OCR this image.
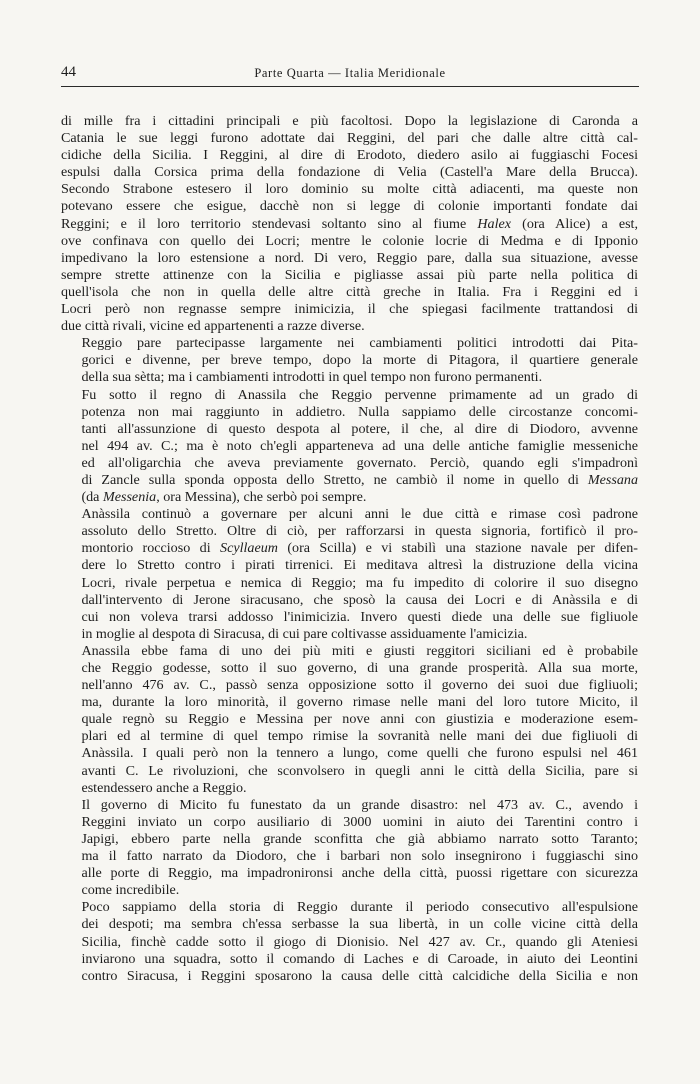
44	Parte Quarta — Italia Meridionale

di mille fra i cittadini principali e più facoltosi. Dopo la legislazione di Caronda a
Catania le sue leggi furono adottate dai Reggini, del pari che dalle altre città cal-
cidiche della Sicilia. I Reggini, al dire di Erodoto, diedero asilo ai fuggiaschi Focesi
espulsi dalla Corsica prima della fondazione di Velia (Castell'a Mare della Brucca).
Secondo Strabone estesero il loro dominio su molte città adiacenti, ma queste non
potevano essere che esigue, dacchè non si legge di colonie importanti fondate dai
Reggini; e il loro territorio stendevasi soltanto sino al fiume Halex (ora Alice) a est,
ove confinava con quello dei Locri; mentre le colonie locrie di Medma e di Ipponio
impedivano la loro estensione a nord. Di vero, Reggio pare, dalla sua situazione, avesse
sempre strette attinenze con la Sicilia e pigliasse assai più parte nella politica di
quell'isola che non in quella delle altre città greche in Italia. Fra i Reggini ed i
Locri però non regnasse sempre inimicizia, il che spiegasi facilmente trattandosi di
due città rivali, vicine ed appartenenti a razze diverse.

Reggio pare partecipasse largamente nei cambiamenti politici introdotti dai Pita-
gorici e divenne, per breve tempo, dopo la morte di Pitagora, il quartiere generale
della sua sètta; ma i cambiamenti introdotti in quel tempo non furono permanenti.

Fu sotto il regno di Anassila che Reggio pervenne primamente ad un grado di
potenza non mai raggiunto in addietro. Nulla sappiamo delle circostanze concomi-
tanti all'assunzione di questo despota al potere, il che, al dire di Diodoro, avvenne
nel 494 av. C.; ma è noto ch'egli apparteneva ad una delle antiche famiglie messeniche
ed all'oligarchia che aveva previamente governato. Perciò, quando egli s'impadronì
di Zancle sulla sponda opposta dello Stretto, ne cambiò il nome in quello di Messana
(da Messenia, ora Messina), che serbò poi sempre.

Anàssila continuò a governare per alcuni anni le due città e rimase così padrone
assoluto dello Stretto. Oltre di ciò, per rafforzarsi in questa signoria, fortificò il pro-
montorio roccioso di Scyllaeum (ora Scilla) e vi stabilì una stazione navale per difen-
dere lo Stretto contro i pirati tirrenici. Ei meditava altresì la distruzione della vicina
Locri, rivale perpetua e nemica di Reggio; ma fu impedito di colorire il suo disegno
dall'intervento di Jerone siracusano, che sposò la causa dei Locri e di Anàssila e di
cui non voleva trarsi addosso l'inimicizia. Invero questi diede una delle sue figliuole
in moglie al despota di Siracusa, di cui pare coltivasse assiduamente l'amicizia.

Anassila ebbe fama di uno dei più miti e giusti reggitori siciliani ed è probabile
che Reggio godesse, sotto il suo governo, di una grande prosperità. Alla sua morte,
nell'anno 476 av. C., passò senza opposizione sotto il governo dei suoi due figliuoli;
ma, durante la loro minorità, il governo rimase nelle mani del loro tutore Micito, il
quale regnò su Reggio e Messina per nove anni con giustizia e moderazione esem-
plari ed al termine di quel tempo rimise la sovranità nelle mani dei due figliuoli di
Anàssila. I quali però non la tennero a lungo, come quelli che furono espulsi nel 461
avanti C. Le rivoluzioni, che sconvolsero in quegli anni le città della Sicilia, pare si
estendessero anche a Reggio.

Il governo di Micito fu funestato da un grande disastro: nel 473 av. C., avendo i
Reggini inviato un corpo ausiliario di 3000 uomini in aiuto dei Tarentini contro i
Japigi, ebbero parte nella grande sconfitta che già abbiamo narrato sotto Taranto;
ma il fatto narrato da Diodoro, che i barbari non solo insegnirono i fuggiaschi sino
alle porte di Reggio, ma impadronironsi anche della città, puossi rigettare con sicurezza
come incredibile.

Poco sappiamo della storia di Reggio durante il periodo consecutivo all'espulsione
dei despoti; ma sembra ch'essa serbasse la sua libertà, in un colle vicine città della
Sicilia, finchè cadde sotto il giogo di Dionisio. Nel 427 av. Cr., quando gli Ateniesi
inviarono una squadra, sotto il comando di Laches e di Caroade, in aiuto dei Leontini
contro Siracusa, i Reggini sposarono la causa delle città calcidiche della Sicilia e non
